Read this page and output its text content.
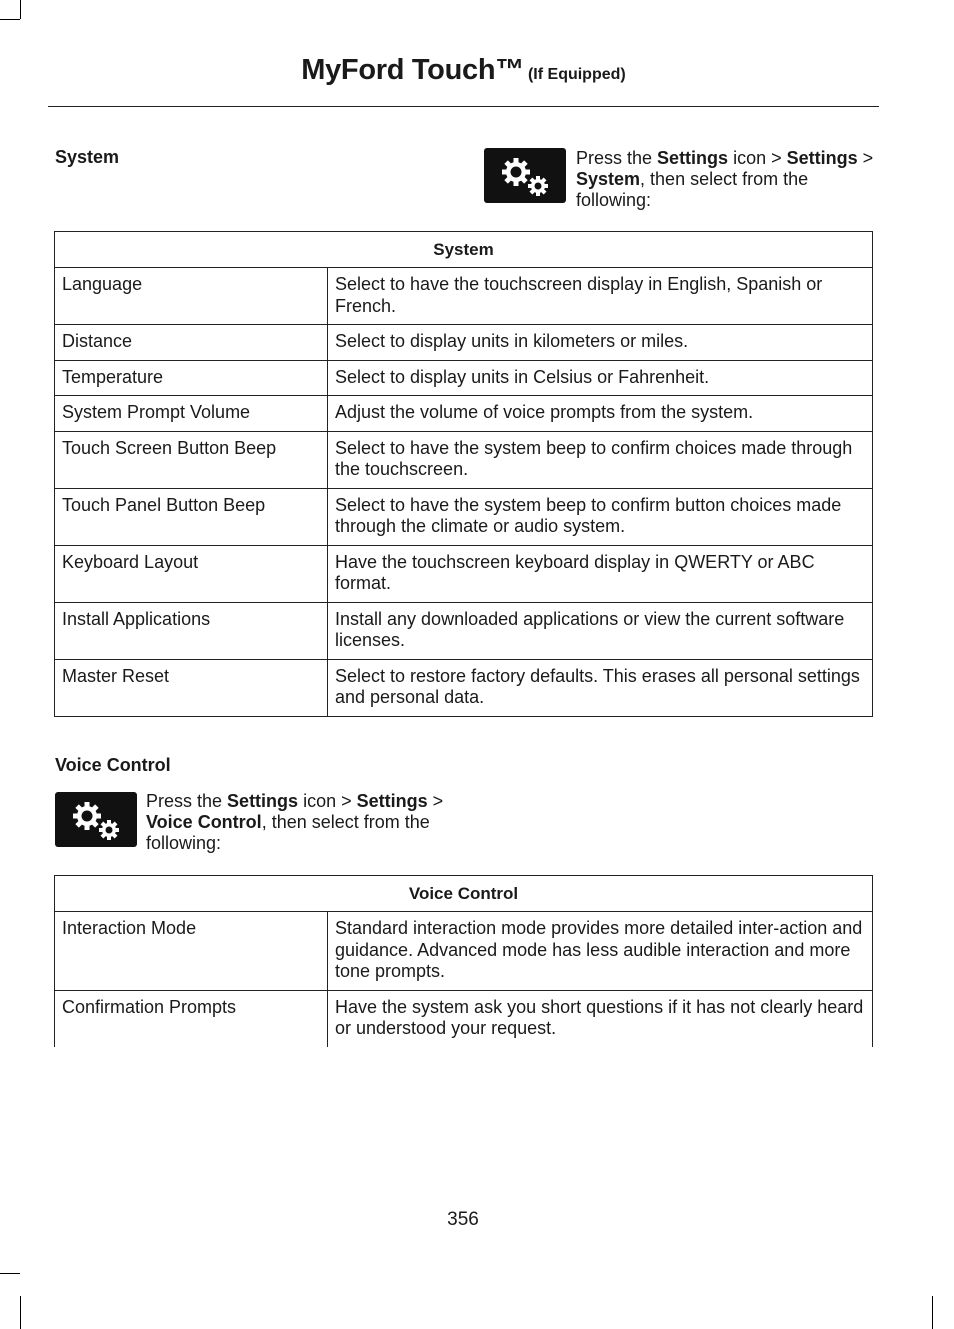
MyFord Touch™ (If Equipped)
System	Press the Settings icon > Settings > System, then select from the following:
System	
Language	Select to have the touchscreen display in English, Spanish or French.
Distance	Select to display units in kilometers or miles.
Temperature	Select to display units in Celsius or Fahrenheit.
System Prompt Volume	Adjust the volume of voice prompts from the system.
Touch Screen Button Beep	Select to have the system beep to confirm choices made through the touchscreen.
Touch Panel Button Beep	Select to have the system beep to confirm button choices made through the climate or audio system.
Keyboard Layout	Have the touchscreen keyboard display in QWERTY or ABC format.
Install Applications	Install any downloaded applications or view the current software licenses.
Master Reset	Select to restore factory defaults. This erases all personal settings and personal data.
Voice Control
Press the Settings icon > Settings > Voice Control, then select from the following:
Voice Control	
Interaction Mode	Standard interaction mode provides more detailed inter-action and guidance. Advanced mode has less audible interaction and more tone prompts.
Confirmation Prompts	Have the system ask you short questions if it has not clearly heard or understood your request.
356
